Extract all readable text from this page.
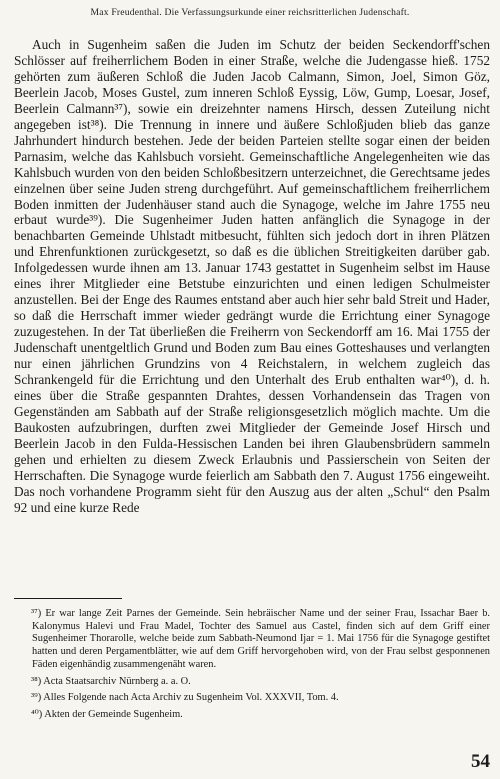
Max Freudenthal. Die Verfassungsurkunde einer reichsritterlichen Judenschaft.

Auch in Sugenheim saßen die Juden im Schutz der beiden Seckendorff'schen Schlösser auf freiherrlichem Boden in einer Straße, welche die Judengasse hieß. 1752 gehörten zum äußeren Schloß die Juden Jacob Calmann, Simon, Joel, Simon Göz, Beerlein Jacob, Moses Gustel, zum inneren Schloß Eyssig, Löw, Gump, Loesar, Josef, Beerlein Calmann³⁷), sowie ein dreizehnter namens Hirsch, dessen Zuteilung nicht angegeben ist³⁸). Die Trennung in innere und äußere Schloßjuden blieb das ganze Jahrhundert hindurch bestehen. Jede der beiden Parteien stellte sogar einen der beiden Parnasim, welche das Kahlsbuch vorsieht. Gemeinschaftliche Angelegenheiten wie das Kahlsbuch wurden von den beiden Schloßbesitzern unterzeichnet, die Gerechtsame jedes einzelnen über seine Juden streng durchgeführt. Auf gemeinschaftlichem freiherrlichem Boden inmitten der Judenhäuser stand auch die Synagoge, welche im Jahre 1755 neu erbaut wurde³⁹). Die Sugenheimer Juden hatten anfänglich die Synagoge in der benachbarten Gemeinde Uhlstadt mitbesucht, fühlten sich jedoch dort in ihren Plätzen und Ehrenfunktionen zurückgesetzt, so daß es die üblichen Streitigkeiten darüber gab. Infolgedessen wurde ihnen am 13. Januar 1743 gestattet in Sugenheim selbst im Hause eines ihrer Mitglieder eine Betstube einzurichten und einen ledigen Schulmeister anzustellen. Bei der Enge des Raumes entstand aber auch hier sehr bald Streit und Hader, so daß die Herrschaft immer wieder gedrängt wurde die Errichtung einer Synagoge zuzugestehen. In der Tat überließen die Freiherrn von Seckendorff am 16. Mai 1755 der Judenschaft unentgeltlich Grund und Boden zum Bau eines Gotteshauses und verlangten nur einen jährlichen Grundzins von 4 Reichstalern, in welchem zugleich das Schrankengeld für die Errichtung und den Unterhalt des Erub enthalten war⁴⁰), d. h. eines über die Straße gespannten Drahtes, dessen Vorhandensein das Tragen von Gegenständen am Sabbath auf der Straße religionsgesetzlich möglich machte. Um die Baukosten aufzubringen, durften zwei Mitglieder der Gemeinde Josef Hirsch und Beerlein Jacob in den Fulda-Hessischen Landen bei ihren Glaubensbrüdern sammeln gehen und erhielten zu diesem Zweck Erlaubnis und Passierschein von Seiten der Herrschaften. Die Synagoge wurde feierlich am Sabbath den 7. August 1756 eingeweiht. Das noch vorhandene Programm sieht für den Auszug aus der alten „Schul“ den Psalm 92 und eine kurze Rede

³⁷) Er war lange Zeit Parnes der Gemeinde. Sein hebräischer Name und der seiner Frau, Issachar Baer b. Kalonymus Halevi und Frau Madel, Tochter des Samuel aus Castel, finden sich auf dem Griff einer Sugenheimer Thorarolle, welche beide zum Sabbath-Neumond Ijar = 1. Mai 1756 für die Synagoge gestiftet hatten und deren Pergamentblätter, wie auf dem Griff hervorgehoben wird, von der Frau selbst gesponnenen Fäden eigenhändig zusammengenäht waren.

³⁸) Acta Staatsarchiv Nürnberg a. a. O.

³⁹) Alles Folgende nach Acta Archiv zu Sugenheim Vol. XXXVII, Tom. 4.

⁴⁰) Akten der Gemeinde Sugenheim.

54
